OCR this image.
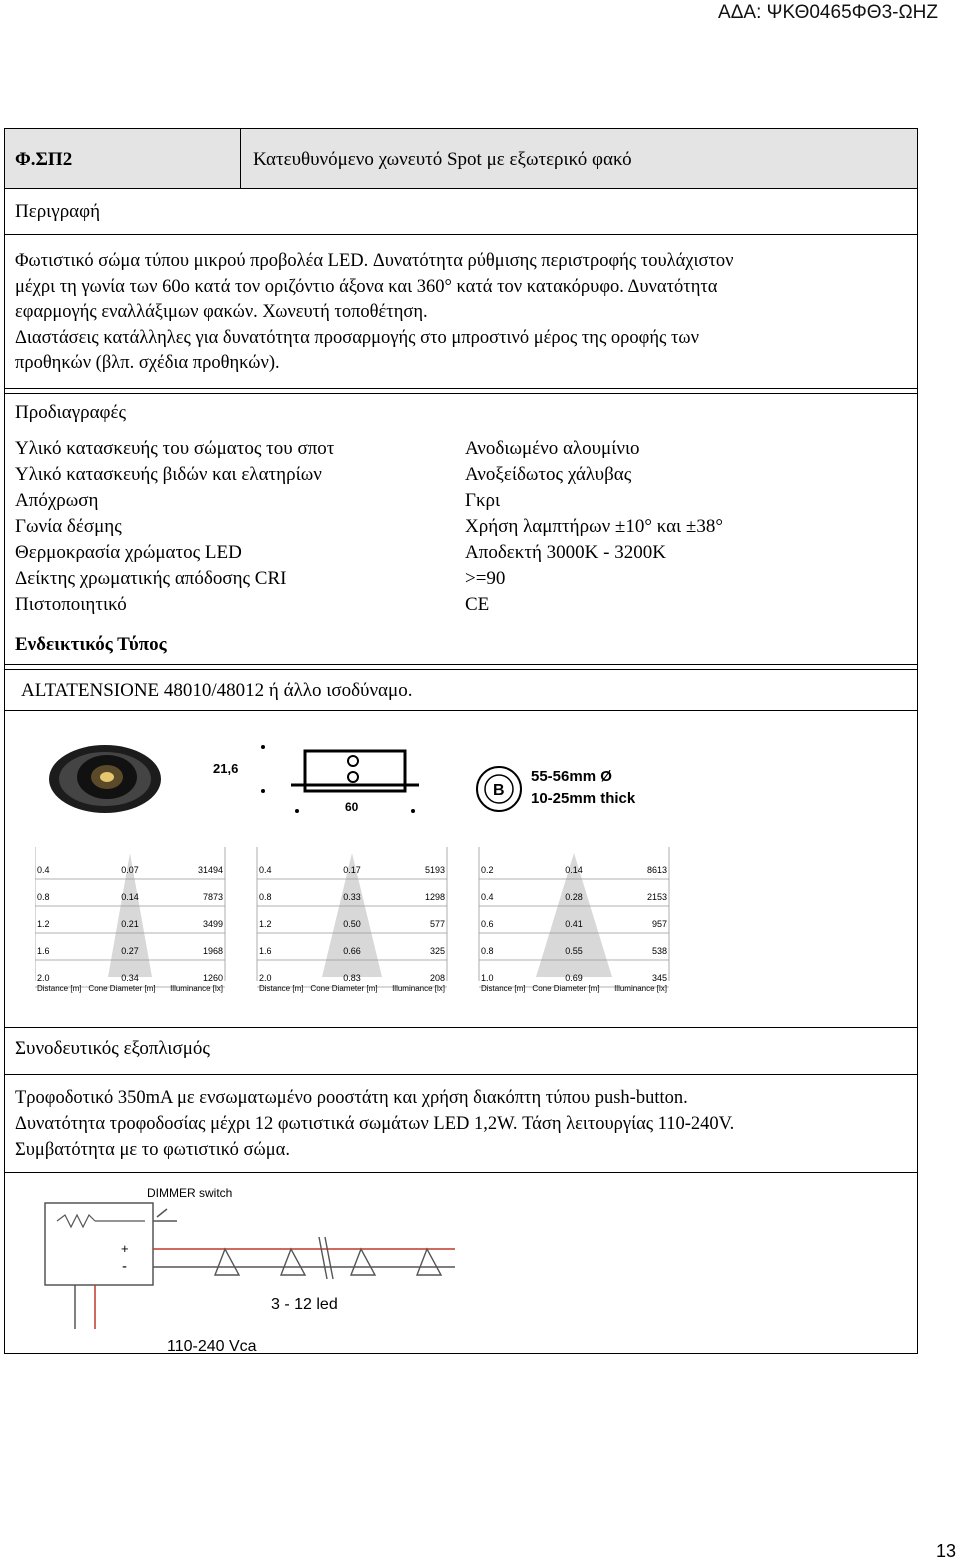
ΑΔΑ: ΨΚΘ0465ΦΘ3-ΩΗΖ
Φ.ΣΠ2	Κατευθυνόμενο χωνευτό Spot με εξωτερικό φακό
Περιγραφή
Φωτιστικό σώμα τύπου μικρού προβολέα LED. Δυνατότητα ρύθμισης περιστροφής τουλάχιστον
μέχρι τη γωνία των 60ο κατά τον οριζόντιο άξονα και 360° κατά τον κατακόρυφο. Δυνατότητα
εφαρμογής εναλλάξιμων φακών. Χωνευτή τοποθέτηση.
Διαστάσεις κατάλληλες για δυνατότητα προσαρμογής στο μπροστινό μέρος της οροφής των
προθηκών (βλπ. σχέδια προθηκών).
Προδιαγραφές
Υλικό κατασκευής του σώματος του σποτ	Ανοδιωμένο αλουμίνιο
Υλικό κατασκευής βιδών και ελατηρίων	Ανοξείδωτος χάλυβας
Απόχρωση	Γκρι
Γωνία δέσμης	Χρήση λαμπτήρων ±10° και ±38°
Θερμοκρασία χρώματος LED	Αποδεκτή 3000K - 3200K
Δείκτης χρωματικής απόδοσης CRI	>=90
Πιστοποιητικό	CE
Ενδεικτικός Τύπος
ALTATENSIONE 48010/48012 ή άλλο ισοδύναμο.
21,6
60
B
55-56mm Ø
10-25mm thick
0.4	0.07	31494
0.8	0.14	7873
1.2	0.21	3499
1.6	0.27	1968
2.0	0.34	1260
Distance [m] Cone Diameter [m] Illuminance [lx]
0.4	0.17	5193
0.8	0.33	1298
1.2	0.50	577
1.6	0.66	325
2.0	0.83	208
Distance [m] Cone Diameter [m] Illuminance [lx]
0.2	0.14	8613
0.4	0.28	2153
0.6	0.41	957
0.8	0.55	538
1.0	0.69	345
Distance [m] Cone Diameter [m] Illuminance [lx]
Συνοδευτικός εξοπλισμός
Τροφοδοτικό 350mA με ενσωματωμένο ροοστάτη και χρήση διακόπτη τύπου push-button.
Δυνατότητα τροφοδοσίας μέχρι 12 φωτιστικά σωμάτων LED 1,2W. Τάση λειτουργίας 110-240V.
Συμβατότητα με το φωτιστικό σώμα.
DIMMER switch
+
-
3 - 12 led
110-240 Vca
13
